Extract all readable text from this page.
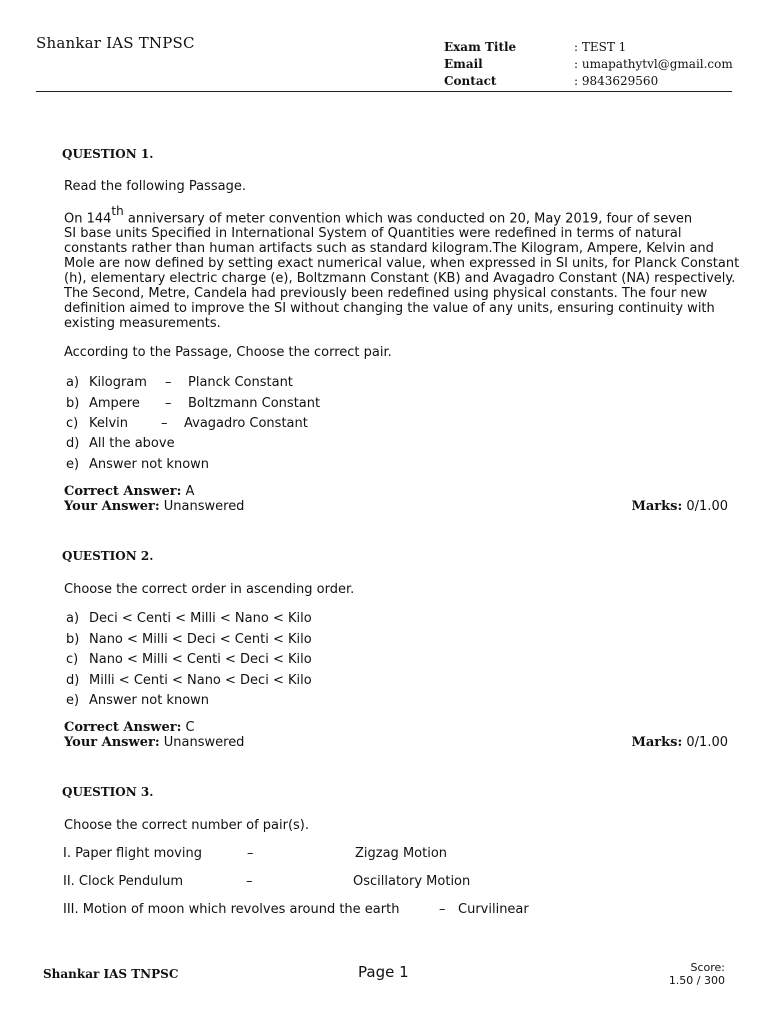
Shankar IAS TNPSC	Exam Title	: TEST 1
Email	: umapathytvl@gmail.com
Contact	: 9843629560
QUESTION 1.
Read the following Passage.
On 144th anniversary of meter convention which was conducted on 20, May 2019, four of seven
SI base units Specified in International System of Quantities were redefined in terms of natural constants rather than human artifacts such as standard kilogram.The Kilogram, Ampere, Kelvin and Mole are now defined by setting exact numerical value, when expressed in SI units, for Planck Constant (h), elementary electric charge (e), Boltzmann Constant (KB) and Avagadro Constant (NA) respectively. The Second, Metre, Candela had previously been redefined using physical constants. The four new definition aimed to improve the SI without changing the value of any units, ensuring continuity with existing measurements.
According to the Passage, Choose the correct pair.
a) Kilogram	–	Planck Constant
b) Ampere	–	Boltzmann Constant
c) Kelvin	–	Avagadro Constant
d) All the above
e) Answer not known
Correct Answer: A
Your Answer: Unanswered	Marks: 0/1.00
QUESTION 2.
Choose the correct order in ascending order.
a) Deci < Centi < Milli < Nano < Kilo
b) Nano < Milli < Deci < Centi < Kilo
c) Nano < Milli < Centi < Deci < Kilo
d) Milli < Centi < Nano < Deci < Kilo
e) Answer not known
Correct Answer: C
Your Answer: Unanswered	Marks: 0/1.00
QUESTION 3.
Choose the correct number of pair(s).
I. Paper flight moving	–	Zigzag Motion
II. Clock Pendulum	–	Oscillatory Motion
III. Motion of moon which revolves around the earth	– Curvilinear
Shankar IAS TNPSC	Page 1	Score:
1.50 / 300
